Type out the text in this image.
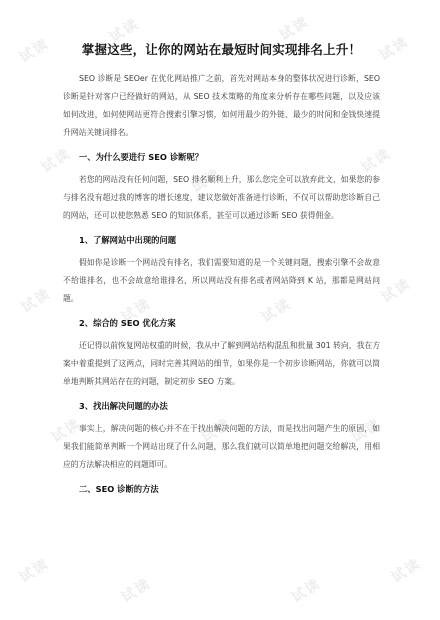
试读
试读	试读
试读
试读
试读
试读
试读	试读	试读
试读
试读	试读	试读
试读
试读	试读
试读
掌握这些，让你的网站在最短时间实现排名上升！

SEO 诊断是 SEOer 在优化网站推广之前，首先对网站本身的整体状况进行诊断，SEO 诊断是针对客户已经做好的网站，从 SEO 技术策略的角度来分析存在哪些问题，以及应该如何改进，如何使网站更符合搜索引擎习惯，如何用最少的外链、最少的时间和金钱快速提升网站关键词排名。

一、为什么要进行 SEO 诊断呢？

若您的网站没有任何问题，SEO 排名顺利上升，那么您完全可以放弃此文，如果您的参与排名没有超过我的博客的增长速度，建议您做好准备进行诊断，不仅可以帮助您诊断自己的网站，还可以使您熟悉 SEO 的知识体系，甚至可以通过诊断 SEO 获得佣金。

1、了解网站中出现的问题

假如你是诊断一个网站没有排名，我们需要知道的是一个关键问题，搜索引擎不会故意不给谁排名，也不会故意给谁排名，所以网站没有排名或者网站降到 K 站，那都是网站问题。

2、综合的 SEO 优化方案

还记得以前恢复网站权重的时候，我从中了解到网站结构混乱和批量 301 转向，我在方案中着重提到了这两点，同时完善其网站的细节，如果你是一个初步诊断网站，你就可以简单地判断其网站存在的问题，制定初步 SEO 方案。

3、找出解决问题的办法

事实上，解决问题的核心并不在于找出解决问题的方法，而是找出问题产生的原因，如果我们能简单判断一个网站出现了什么问题，那么我们就可以简单地把问题交给解决，用相应的方法解决相应的问题即可。

二、SEO 诊断的方法
